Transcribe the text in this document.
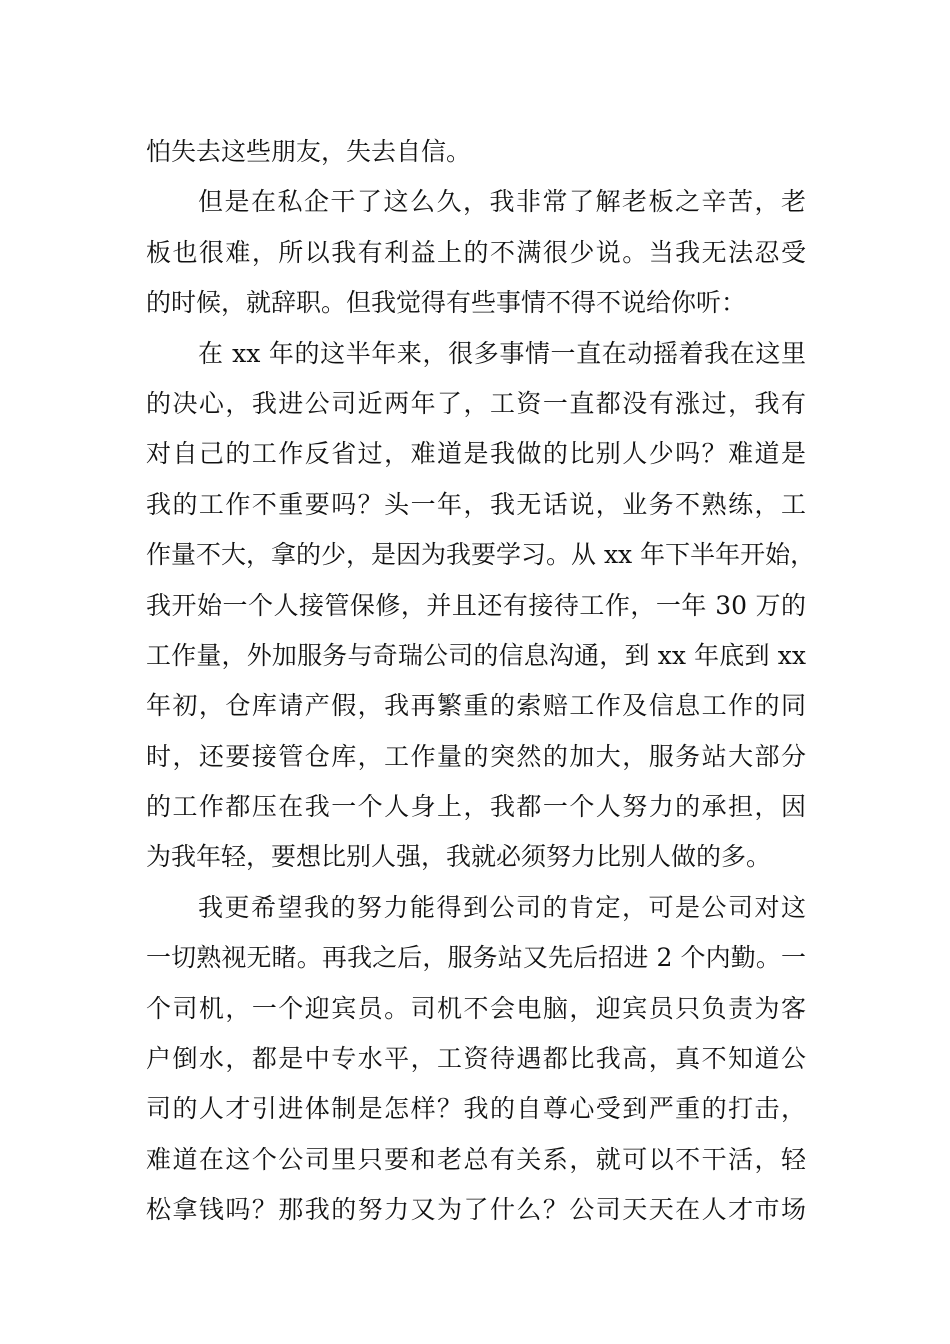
怕失去这些朋友，失去自信。
但是在私企干了这么久，我非常了解老板之辛苦，老
板也很难，所以我有利益上的不满很少说。当我无法忍受
的时候，就辞职。但我觉得有些事情不得不说给你听：
在 xx 年的这半年来，很多事情一直在动摇着我在这里
的决心，我进公司近两年了，工资一直都没有涨过，我有
对自己的工作反省过，难道是我做的比别人少吗？难道是
我的工作不重要吗？头一年，我无话说，业务不熟练，工
作量不大，拿的少，是因为我要学习。从 xx 年下半年开始，
我开始一个人接管保修，并且还有接待工作，一年 30 万的
工作量，外加服务与奇瑞公司的信息沟通，到 xx 年底到 xx
年初，仓库请产假，我再繁重的索赔工作及信息工作的同
时，还要接管仓库，工作量的突然的加大，服务站大部分
的工作都压在我一个人身上，我都一个人努力的承担，因
为我年轻，要想比别人强，我就必须努力比别人做的多。
我更希望我的努力能得到公司的肯定，可是公司对这
一切熟视无睹。再我之后，服务站又先后招进 2 个内勤。一
个司机，一个迎宾员。司机不会电脑，迎宾员只负责为客
户倒水，都是中专水平，工资待遇都比我高，真不知道公
司的人才引进体制是怎样？我的自尊心受到严重的打击，
难道在这个公司里只要和老总有关系，就可以不干活，轻
松拿钱吗？那我的努力又为了什么？公司天天在人才市场
